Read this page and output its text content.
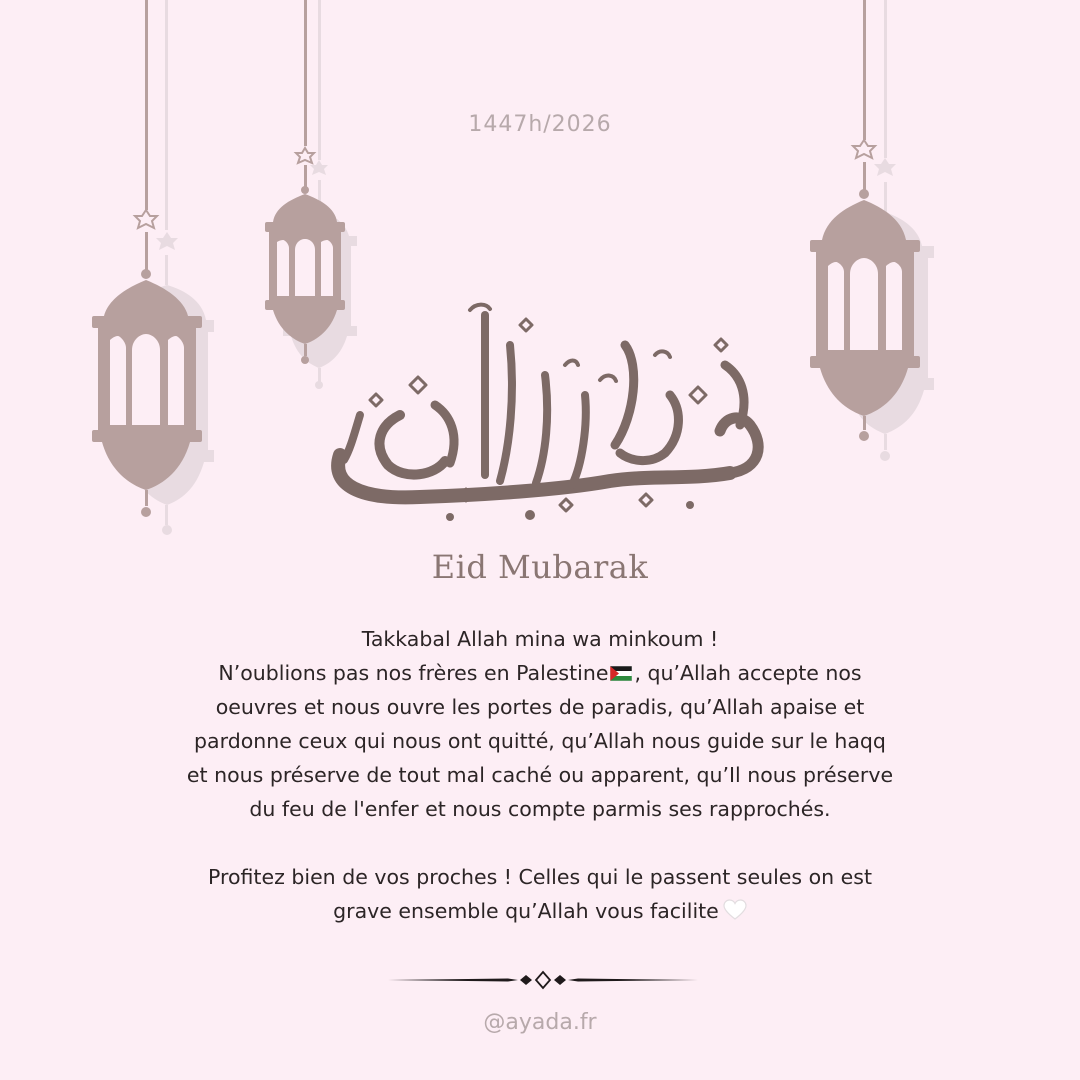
1447h/2026
Eid Mubarak

Takkabal Allah mina wa minkoum !

N’oublions pas nos frères en Palestine , qu’Allah accepte nos

oeuvres et nous ouvre les portes de paradis, qu’Allah apaise et

pardonne ceux qui nous ont quitté, qu’Allah nous guide sur le haqq

et nous préserve de tout mal caché ou apparent, qu’Il nous préserve

du feu de l'enfer et nous compte parmis ses rapprochés.

Profitez bien de vos proches ! Celles qui le passent seules on est

grave ensemble qu’Allah vous facilite

@ayada.fr
